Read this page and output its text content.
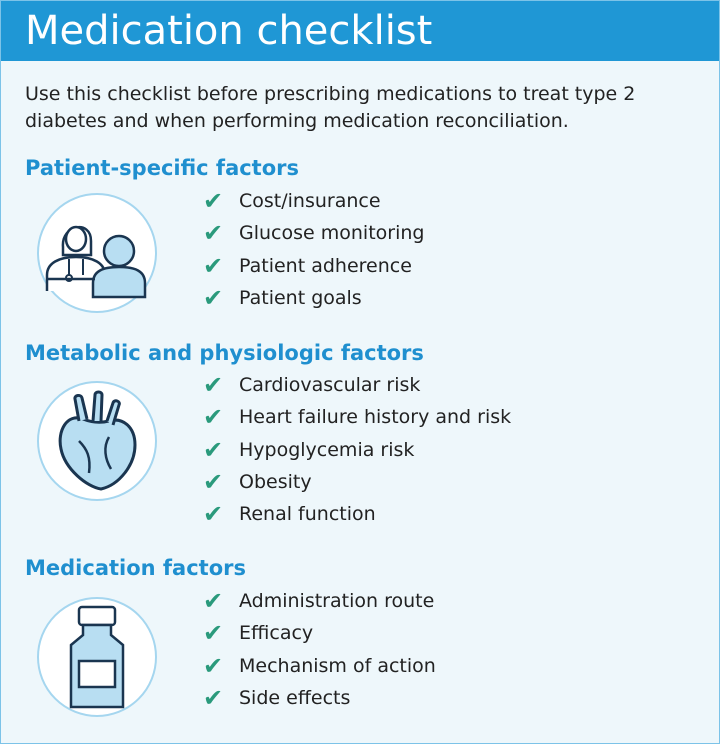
Medication checklist

Use this checklist before prescribing medications to treat type 2 diabetes and when performing medication reconciliation.

Patient-specific factors
✔ Cost/insurance
✔ Glucose monitoring
✔ Patient adherence
✔ Patient goals
Metabolic and physiologic factors
✔ Cardiovascular risk
✔ Heart failure history and risk
✔ Hypoglycemia risk
✔ Obesity
✔ Renal function
Medication factors
✔ Administration route
✔ Efficacy
✔ Mechanism of action
✔ Side effects
